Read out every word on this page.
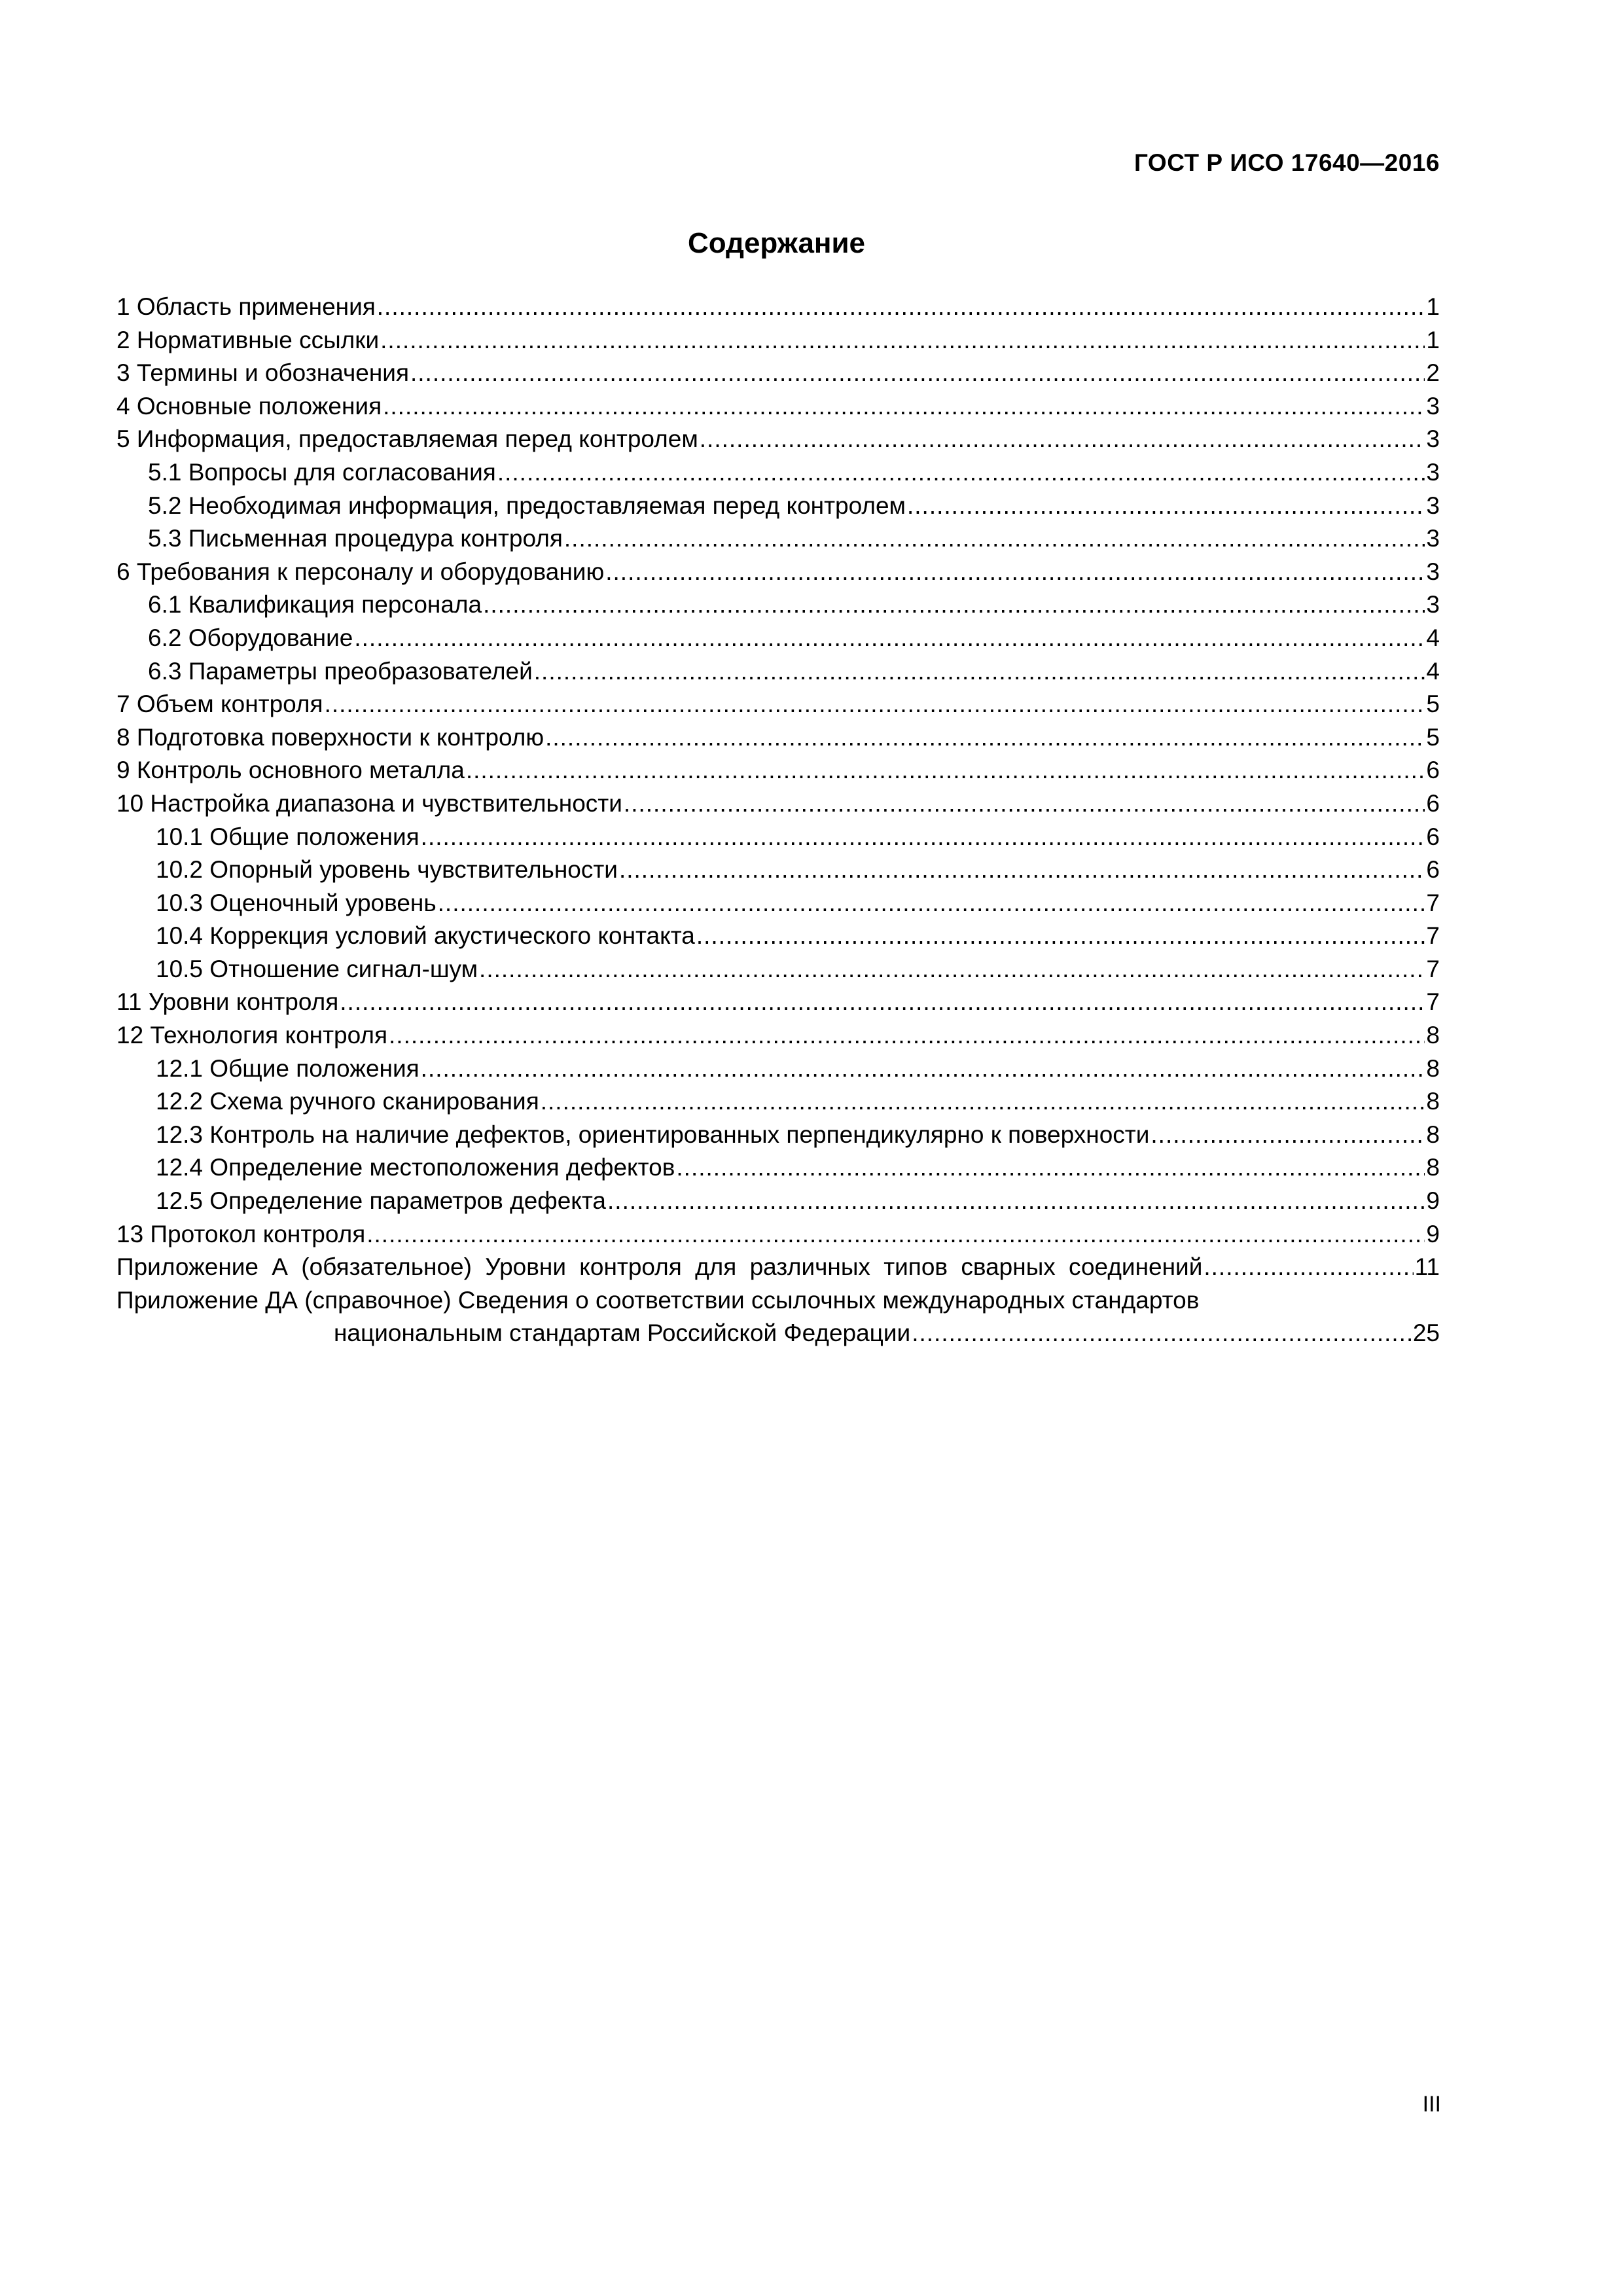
ГОСТ Р ИСО 17640—2016
Содержание
1 Область применения .....	1
2 Нормативные ссылки .....	1
3 Термины и обозначения .....	2
4 Основные положения .....	3
5 Информация, предоставляемая перед контролем .....	3
5.1 Вопросы для согласования .....	3
5.2 Необходимая информация, предоставляемая перед контролем .....	3
5.3 Письменная процедура контроля .....	3
6 Требования к персоналу и оборудованию .....	3
6.1 Квалификация персонала .....	3
6.2 Оборудование .....	4
6.3 Параметры преобразователей .....	4
7 Объем контроля .....	5
8 Подготовка поверхности к контролю .....	5
9 Контроль основного металла .....	6
10 Настройка диапазона и чувствительности .....	6
10.1 Общие положения .....	6
10.2 Опорный уровень чувствительности .....	6
10.3 Оценочный уровень .....	7
10.4 Коррекция условий акустического контакта .....	7
10.5 Отношение сигнал-шум .....	7
11 Уровни контроля .....	7
12 Технология контроля .....	8
12.1 Общие положения .....	8
12.2 Схема ручного сканирования .....	8
12.3 Контроль на наличие дефектов, ориентированных перпендикулярно к поверхности .....	8
12.4 Определение местоположения дефектов .....	8
12.5 Определение параметров дефекта .....	9
13 Протокол контроля .....	9
Приложение А (обязательное) Уровни контроля для различных типов сварных соединений .....	11
Приложение ДА (справочное) Сведения о соответствии ссылочных международных стандартов
национальным стандартам Российской Федерации .....	25
III
